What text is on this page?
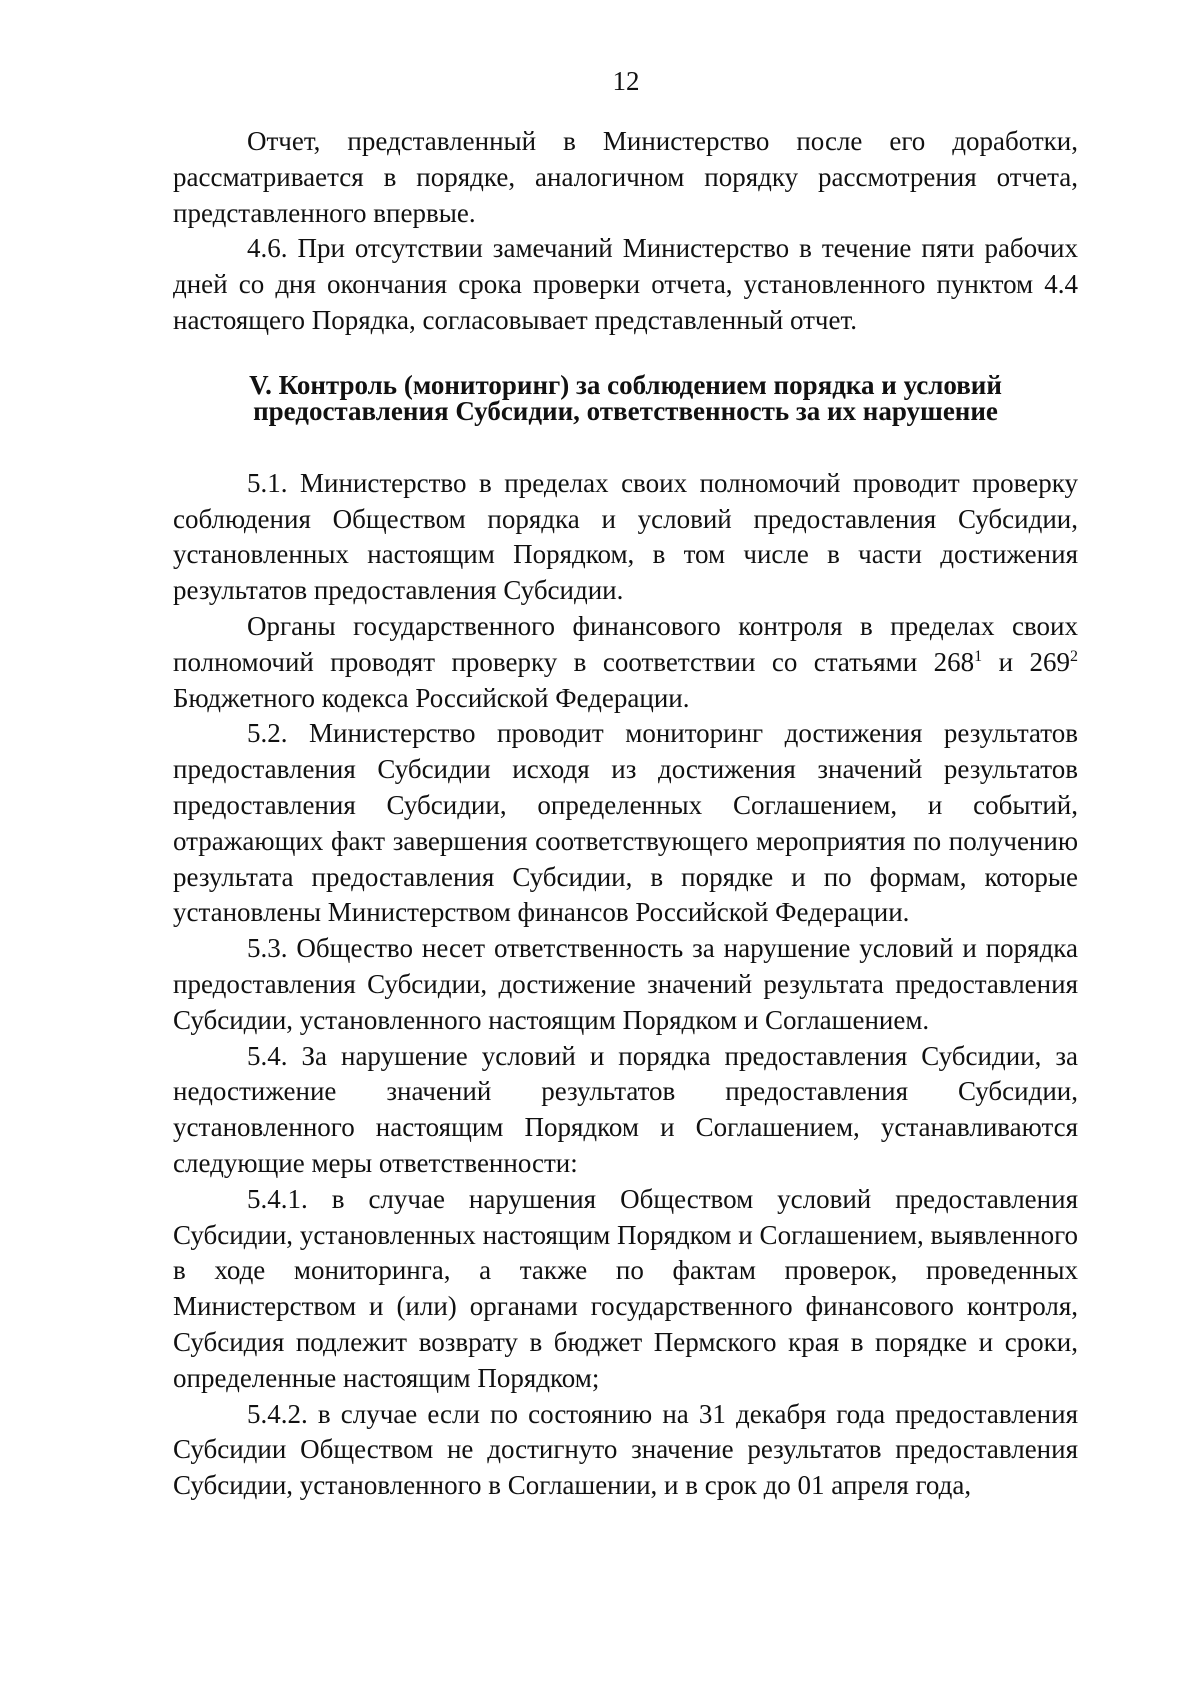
12

Отчет, представленный в Министерство после его доработки, рассматривается в порядке, аналогичном порядку рассмотрения отчета, представленного впервые.

4.6. При отсутствии замечаний Министерство в течение пяти рабочих дней со дня окончания срока проверки отчета, установленного пунктом 4.4 настоящего Порядка, согласовывает представленный отчет.

V. Контроль (мониторинг) за соблюдением порядка и условий
предоставления Субсидии, ответственность за их нарушение

5.1. Министерство в пределах своих полномочий проводит проверку соблюдения Обществом порядка и условий предоставления Субсидии, установленных настоящим Порядком, в том числе в части достижения результатов предоставления Субсидии.

Органы государственного финансового контроля в пределах своих полномочий проводят проверку в соответствии со статьями $268^1$ и $269^2$ Бюджетного кодекса Российской Федерации.

5.2. Министерство проводит мониторинг достижения результатов предоставления Субсидии исходя из достижения значений результатов предоставления Субсидии, определенных Соглашением, и событий, отражающих факт завершения соответствующего мероприятия по получению результата предоставления Субсидии, в порядке и по формам, которые установлены Министерством финансов Российской Федерации.

5.3. Общество несет ответственность за нарушение условий и порядка предоставления Субсидии, достижение значений результата предоставления Субсидии, установленного настоящим Порядком и Соглашением.

5.4. За нарушение условий и порядка предоставления Субсидии, за недостижение значений результатов предоставления Субсидии, установленного настоящим Порядком и Соглашением, устанавливаются следующие меры ответственности:

5.4.1. в случае нарушения Обществом условий предоставления Субсидии, установленных настоящим Порядком и Соглашением, выявленного в ходе мониторинга, а также по фактам проверок, проведенных Министерством и (или) органами государственного финансового контроля, Субсидия подлежит возврату в бюджет Пермского края в порядке и сроки, определенные настоящим Порядком;

5.4.2. в случае если по состоянию на 31 декабря года предоставления Субсидии Обществом не достигнуто значение результатов предоставления Субсидии, установленного в Соглашении, и в срок до 01 апреля года,
